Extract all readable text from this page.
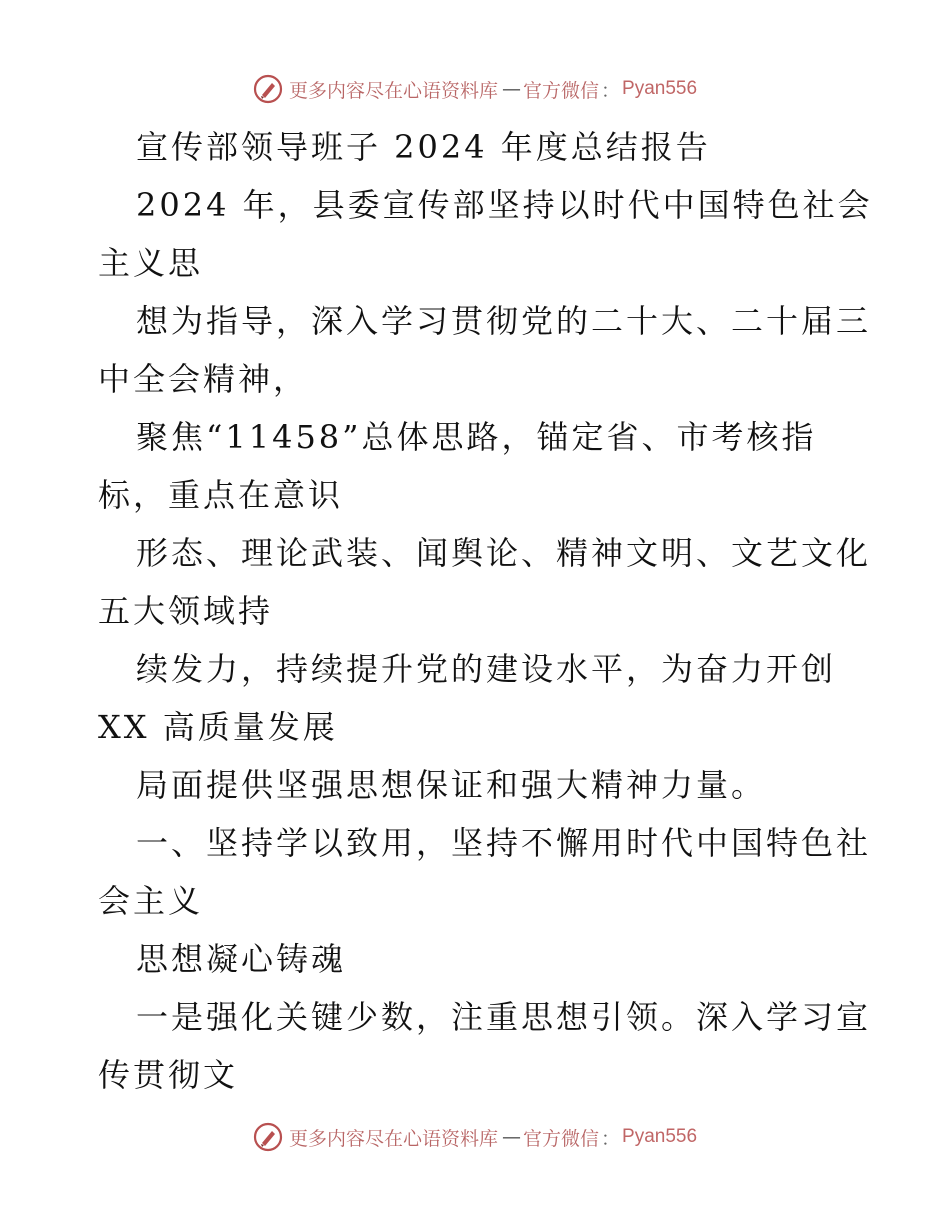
更多内容尽在心语资料库 — 官方微信 ： Pyan556
宣传部领导班子 2024 年度总结报告
2024 年，县委宣传部坚持以时代中国特色社会
主义思
想为指导，深入学习贯彻党的二十大、二十届三
中全会精神，
聚焦“11458”总体思路，锚定省、市考核指
标，重点在意识
形态、理论武装、闻舆论、精神文明、文艺文化
五大领域持
续发力，持续提升党的建设水平，为奋力开创
XX 高质量发展
局面提供坚强思想保证和强大精神力量。
一、坚持学以致用，坚持不懈用时代中国特色社
会主义
思想凝心铸魂
一是强化关键少数，注重思想引领。深入学习宣
传贯彻文
更多内容尽在心语资料库 — 官方微信 ： Pyan556
